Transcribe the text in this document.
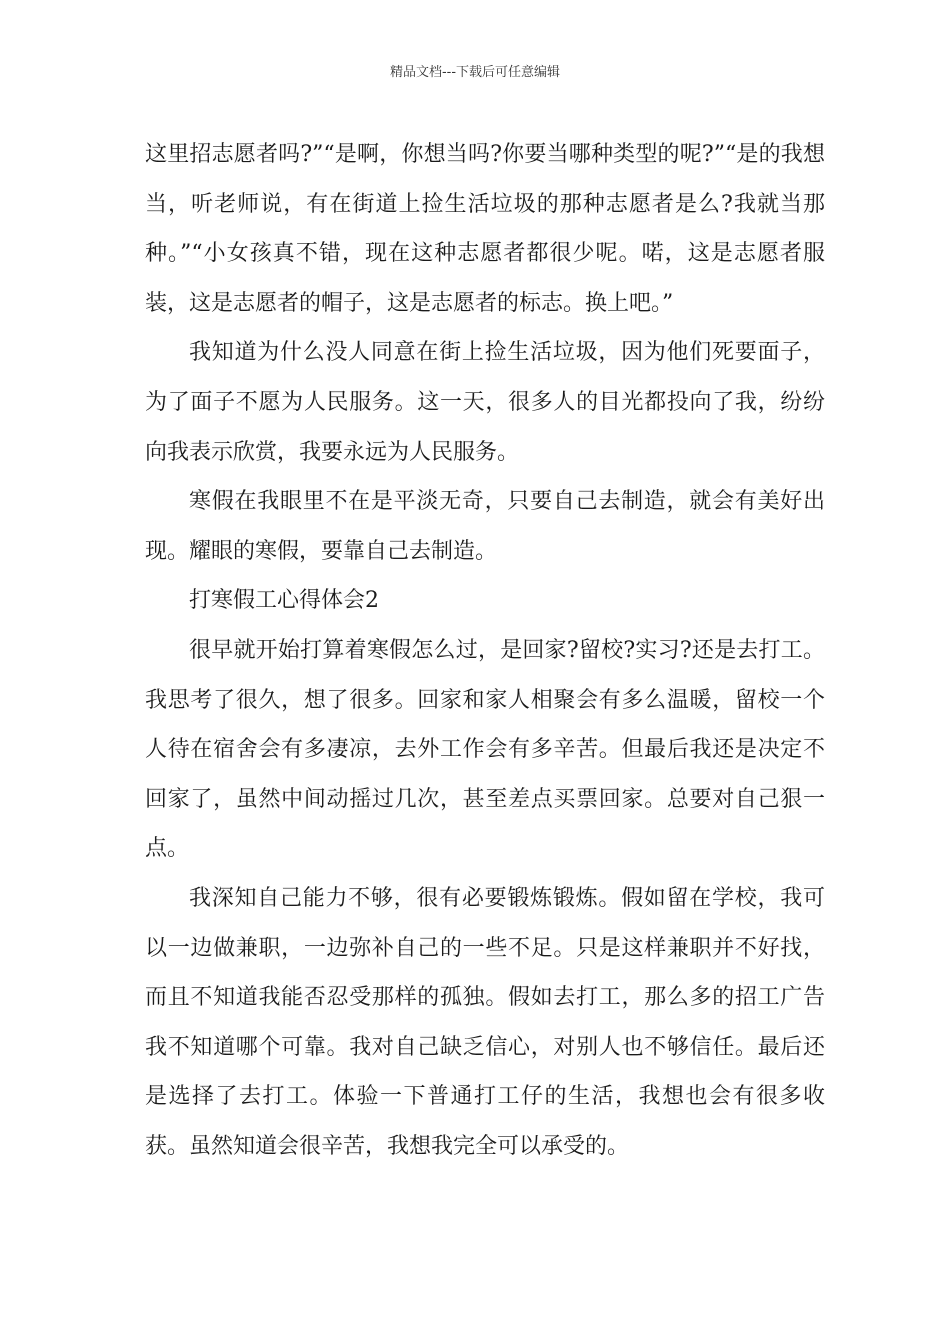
精品文档---下载后可任意编辑

这里招志愿者吗?”“是啊，你想当吗?你要当哪种类型的呢?”“是的我想当，听老师说，有在街道上捡生活垃圾的那种志愿者是么?我就当那种。”“小女孩真不错，现在这种志愿者都很少呢。喏，这是志愿者服装，这是志愿者的帽子，这是志愿者的标志。换上吧。”

我知道为什么没人同意在街上捡生活垃圾，因为他们死要面子，为了面子不愿为人民服务。这一天，很多人的目光都投向了我，纷纷向我表示欣赏，我要永远为人民服务。

寒假在我眼里不在是平淡无奇，只要自己去制造，就会有美好出现。耀眼的寒假，要靠自己去制造。

打寒假工心得体会2

很早就开始打算着寒假怎么过，是回家?留校?实习?还是去打工。我思考了很久，想了很多。回家和家人相聚会有多么温暖，留校一个人待在宿舍会有多凄凉，去外工作会有多辛苦。但最后我还是决定不回家了，虽然中间动摇过几次，甚至差点买票回家。总要对自己狠一点。

我深知自己能力不够，很有必要锻炼锻炼。假如留在学校，我可以一边做兼职，一边弥补自己的一些不足。只是这样兼职并不好找，而且不知道我能否忍受那样的孤独。假如去打工，那么多的招工广告我不知道哪个可靠。我对自己缺乏信心，对别人也不够信任。最后还是选择了去打工。体验一下普通打工仔的生活，我想也会有很多收获。虽然知道会很辛苦，我想我完全可以承受的。
